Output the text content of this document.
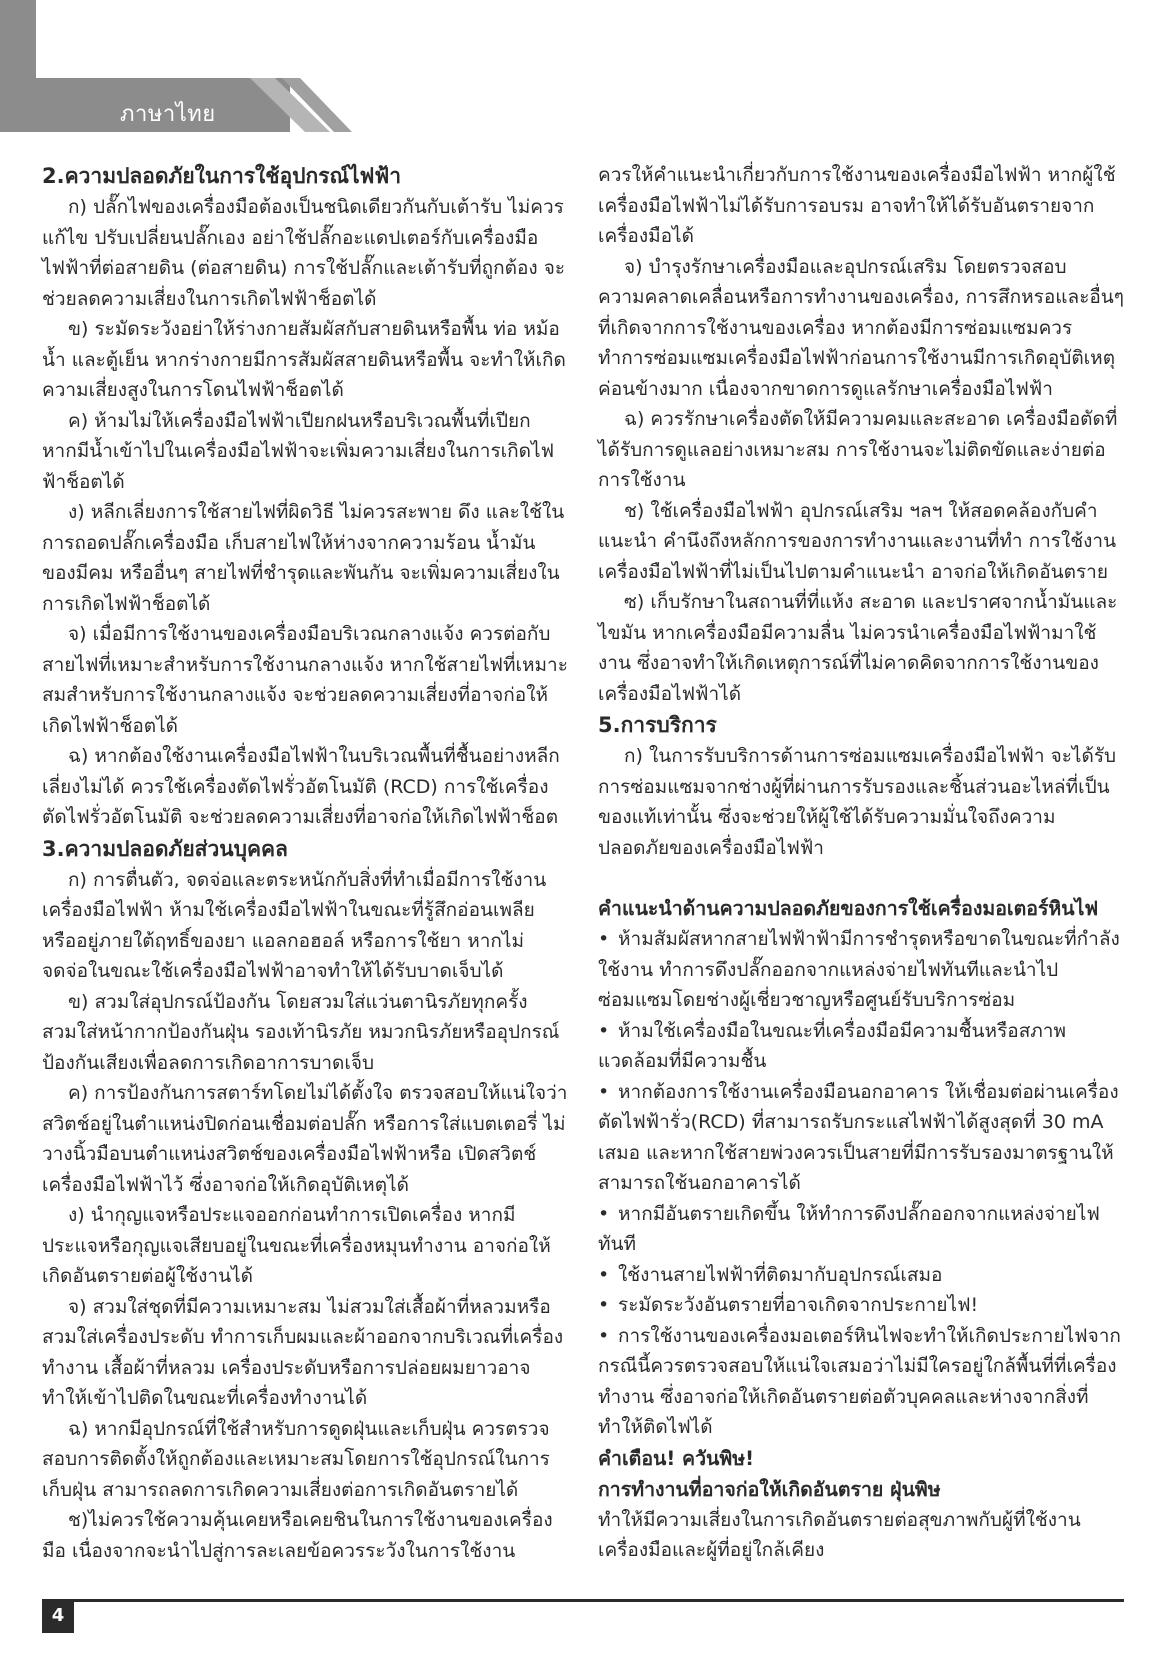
ภาษาไทย
2.ความปลอดภัยในการใช้อุปกรณ์ไฟฟ้า

ก) ปลั๊กไฟของเครื่องมือต้องเป็นชนิดเดียวกันกับเต้ารับ ไม่ควรแก้ไข ปรับเปลี่ยนปลั๊กเอง อย่าใช้ปลั๊กอะแดปเตอร์กับเครื่องมือไฟฟ้าที่ต่อสายดิน (ต่อสายดิน) การใช้ปลั๊กและเต้ารับที่ถูกต้อง จะช่วยลดความเสี่ยงในการเกิดไฟฟ้าช็อตได้

ข) ระมัดระวังอย่าให้ร่างกายสัมผัสกับสายดินหรือพื้น ท่อ หม้อน้ำ และตู้เย็น หากร่างกายมีการสัมผัสสายดินหรือพื้น จะทำให้เกิดความเสี่ยงสูงในการโดนไฟฟ้าช็อตได้

ค) ห้ามไม่ให้เครื่องมือไฟฟ้าเปียกฝนหรือบริเวณพื้นที่เปียก หากมีน้ำเข้าไปในเครื่องมือไฟฟ้าจะเพิ่มความเสี่ยงในการเกิดไฟฟ้าช็อตได้

ง) หลีกเลี่ยงการใช้สายไฟที่ผิดวิธี ไม่ควรสะพาย ดึง และใช้ในการถอดปลั๊กเครื่องมือ เก็บสายไฟให้ห่างจากความร้อน น้ำมัน ของมีคม หรืออื่นๆ สายไฟที่ชำรุดและพันกัน จะเพิ่มความเสี่ยงในการเกิดไฟฟ้าช็อตได้

จ) เมื่อมีการใช้งานของเครื่องมือบริเวณกลางแจ้ง ควรต่อกับสายไฟที่เหมาะสำหรับการใช้งานกลางแจ้ง หากใช้สายไฟที่เหมาะสมสำหรับการใช้งานกลางแจ้ง จะช่วยลดความเสี่ยงที่อาจก่อให้เกิดไฟฟ้าช็อตได้

ฉ) หากต้องใช้งานเครื่องมือไฟฟ้าในบริเวณพื้นที่ชื้นอย่างหลีกเลี่ยงไม่ได้ ควรใช้เครื่องตัดไฟรั่วอัตโนมัติ (RCD) การใช้เครื่องตัดไฟรั่วอัตโนมัติ จะช่วยลดความเสี่ยงที่อาจก่อให้เกิดไฟฟ้าช็อต

3.ความปลอดภัยส่วนบุคคล

ก) การตื่นตัว, จดจ่อและตระหนักกับสิ่งที่ทำเมื่อมีการใช้งานเครื่องมือไฟฟ้า ห้ามใช้เครื่องมือไฟฟ้าในขณะที่รู้สึกอ่อนเพลีย หรืออยู่ภายใต้ฤทธิ์ของยา แอลกอฮอล์ หรือการใช้ยา หากไม่จดจ่อในขณะใช้เครื่องมือไฟฟ้าอาจทำให้ได้รับบาดเจ็บได้

ข) สวมใส่อุปกรณ์ป้องกัน โดยสวมใส่แว่นตานิรภัยทุกครั้ง สวมใส่หน้ากากป้องกันฝุ่น รองเท้านิรภัย หมวกนิรภัยหรืออุปกรณ์ป้องกันเสียงเพื่อลดการเกิดอาการบาดเจ็บ

ค) การป้องกันการสตาร์ทโดยไม่ได้ตั้งใจ ตรวจสอบให้แน่ใจว่าสวิตช์อยู่ในตำแหน่งปิดก่อนเชื่อมต่อปลั๊ก หรือการใส่แบตเตอรี่ ไม่วางนิ้วมือบนตำแหน่งสวิตช์ของเครื่องมือไฟฟ้าหรือ เปิดสวิตช์เครื่องมือไฟฟ้าไว้ ซึ่งอาจก่อให้เกิดอุบัติเหตุได้

ง) นำกุญแจหรือประแจออกก่อนทำการเปิดเครื่อง หากมีประแจหรือกุญแจเสียบอยู่ในขณะที่เครื่องหมุนทำงาน อาจก่อให้เกิดอันตรายต่อผู้ใช้งานได้

จ) สวมใส่ชุดที่มีความเหมาะสม ไม่สวมใส่เสื้อผ้าที่หลวมหรือสวมใส่เครื่องประดับ ทำการเก็บผมและผ้าออกจากบริเวณที่เครื่องทำงาน เสื้อผ้าที่หลวม เครื่องประดับหรือการปล่อยผมยาวอาจทำให้เข้าไปติดในขณะที่เครื่องทำงานได้

ฉ) หากมีอุปกรณ์ที่ใช้สำหรับการดูดฝุ่นและเก็บฝุ่น ควรตรวจสอบการติดตั้งให้ถูกต้องและเหมาะสมโดยการใช้อุปกรณ์ในการเก็บฝุ่น สามารถลดการเกิดความเสี่ยงต่อการเกิดอันตรายได้

ช)ไม่ควรใช้ความคุ้นเคยหรือเคยชินในการใช้งานของเครื่องมือ เนื่องจากจะนำไปสู่การละเลยข้อควรระวังในการใช้งาน

ควรให้คำแนะนำเกี่ยวกับการใช้งานของเครื่องมือไฟฟ้า หากผู้ใช้เครื่องมือไฟฟ้าไม่ได้รับการอบรม อาจทำให้ได้รับอันตรายจากเครื่องมือได้

จ) บำรุงรักษาเครื่องมือและอุปกรณ์เสริม โดยตรวจสอบความคลาดเคลื่อนหรือการทำงานของเครื่อง, การสึกหรอและอื่นๆที่เกิดจากการใช้งานของเครื่อง หากต้องมีการซ่อมแซมควรทำการซ่อมแซมเครื่องมือไฟฟ้าก่อนการใช้งานมีการเกิดอุบัติเหตุค่อนข้างมาก เนื่องจากขาดการดูแลรักษาเครื่องมือไฟฟ้า

ฉ) ควรรักษาเครื่องตัดให้มีความคมและสะอาด เครื่องมือตัดที่ได้รับการดูแลอย่างเหมาะสม การใช้งานจะไม่ติดขัดและง่ายต่อการใช้งาน

ช) ใช้เครื่องมือไฟฟ้า อุปกรณ์เสริม ฯลฯ ให้สอดคล้องกับคำแนะนำ คำนึงถึงหลักการของการทำงานและงานที่ทำ การใช้งานเครื่องมือไฟฟ้าที่ไม่เป็นไปตามคำแนะนำ อาจก่อให้เกิดอันตราย

ซ) เก็บรักษาในสถานที่ที่แห้ง สะอาด และปราศจากน้ำมันและไขมัน หากเครื่องมือมีความลื่น ไม่ควรนำเครื่องมือไฟฟ้ามาใช้งาน ซึ่งอาจทำให้เกิดเหตุการณ์ที่ไม่คาดคิดจากการใช้งานของเครื่องมือไฟฟ้าได้

5.การบริการ

ก) ในการรับบริการด้านการซ่อมแซมเครื่องมือไฟฟ้า จะได้รับการซ่อมแซมจากช่างผู้ที่ผ่านการรับรองและชิ้นส่วนอะไหล่ที่เป็นของแท้เท่านั้น ซึ่งจะช่วยให้ผู้ใช้ได้รับความมั่นใจถึงความปลอดภัยของเครื่องมือไฟฟ้า

คำแนะนำด้านความปลอดภัยของการใช้เครื่องมอเตอร์หินไฟ

• ห้ามสัมผัสหากสายไฟฟ้าฟ้ามีการชำรุดหรือขาดในขณะที่กำลังใช้งาน ทำการดึงปลั๊กออกจากแหล่งจ่ายไฟทันทีและนำไปซ่อมแซมโดยช่างผู้เชี่ยวชาญหรือศูนย์รับบริการซ่อม

• ห้ามใช้เครื่องมือในขณะที่เครื่องมือมีความชื้นหรือสภาพแวดล้อมที่มีความชื้น

• หากต้องการใช้งานเครื่องมือนอกอาคาร ให้เชื่อมต่อผ่านเครื่องตัดไฟฟ้ารั่ว(RCD) ที่สามารถรับกระแสไฟฟ้าได้สูงสุดที่ 30 mA เสมอ และหากใช้สายพ่วงควรเป็นสายที่มีการรับรองมาตรฐานให้สามารถใช้นอกอาคารได้

• หากมีอันตรายเกิดขึ้น ให้ทำการดึงปลั๊กออกจากแหล่งจ่ายไฟทันที

• ใช้งานสายไฟฟ้าที่ติดมากับอุปกรณ์เสมอ

• ระมัดระวังอันตรายที่อาจเกิดจากประกายไฟ!

• การใช้งานของเครื่องมอเตอร์หินไฟจะทำให้เกิดประกายไฟจากกรณีนี้ควรตรวจสอบให้แน่ใจเสมอว่าไม่มีใครอยู่ใกล้พื้นที่ที่เครื่องทำงาน ซึ่งอาจก่อให้เกิดอันตรายต่อตัวบุคคลและห่างจากสิ่งที่ทำให้ติดไฟได้

คำเตือน! ควันพิษ!
การทำงานที่อาจก่อให้เกิดอันตราย ฝุ่นพิษ

ทำให้มีความเสี่ยงในการเกิดอันตรายต่อสุขภาพกับผู้ที่ใช้งานเครื่องมือและผู้ที่อยู่ใกล้เคียง

4
